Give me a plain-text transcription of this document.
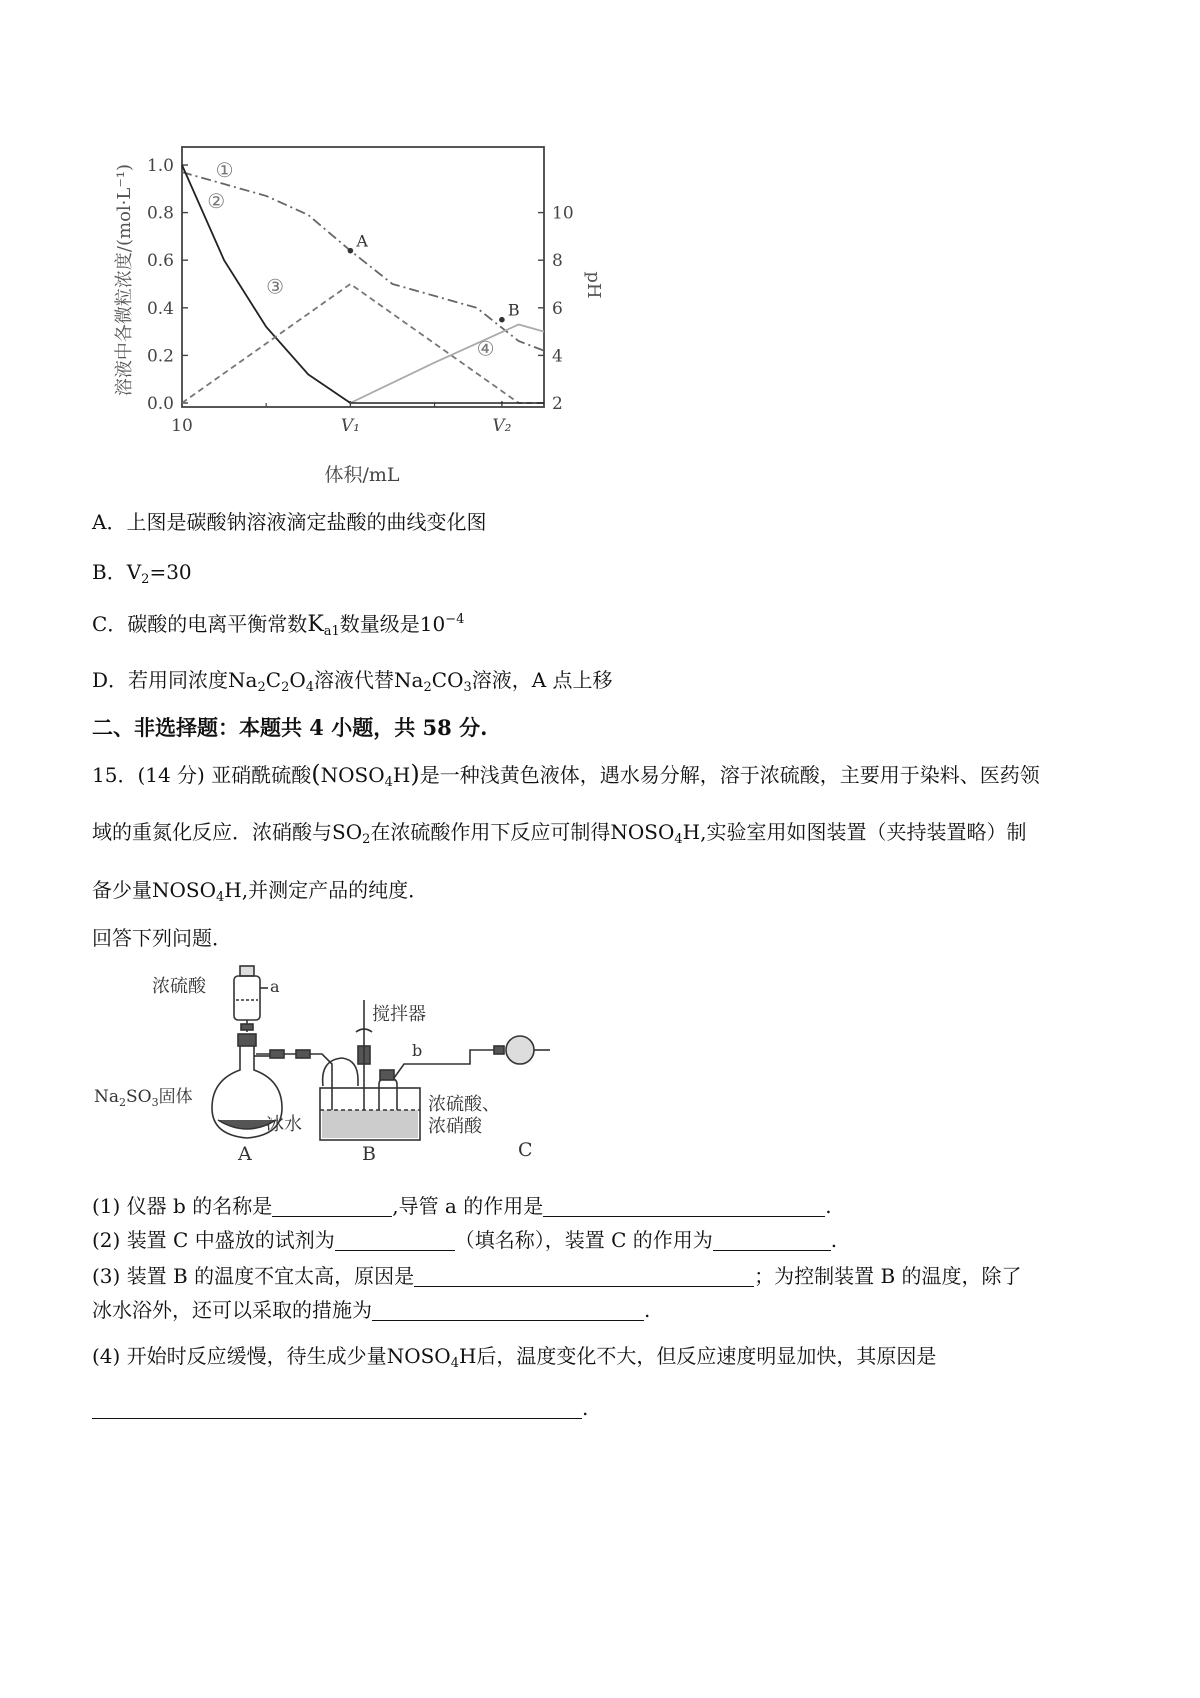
1.0
0.8
0.6
0.4
0.2
0.0
10
8
6
4
2
10	V₁	V₂
①
②
③
④
A
B
溶液中各微粒浓度/(mol·L⁻¹)	pH
体积/mL
A．上图是碳酸钠溶液滴定盐酸的曲线变化图
B．$V_2=30$
C．碳酸的电离平衡常数$K_{a1}$数量级是$10^{-4}$
D．若用同浓度$Na_2C_2O_4$溶液代替$Na_2CO_3$溶液，A 点上移
二、非选择题：本题共 4 小题，共 58 分.
15．(14 分) 亚硝酰硫酸$(NOSO_4H)$是一种浅黄色液体，遇水易分解，溶于浓硫酸，主要用于染料、医药领
域的重氮化反应．浓硝酸与$SO_2$在浓硫酸作用下反应可制得$NOSO_4H$,实验室用如图装置（夹持装置略）制
备少量$NOSO_4H$,并测定产品的纯度．
回答下列问题．
浓硫酸	a
搅拌器
b
$Na_2SO_3$固体
冰水
浓硫酸、
浓硝酸
A	B	C
(1) 仪器 b 的名称是	,导管 a 的作用是	.
(2) 装置 C 中盛放的试剂为	（填名称），装置 C 的作用为	.
(3) 装置 B 的温度不宜太高，原因是	；为控制装置 B 的温度，除了
冰水浴外，还可以采取的措施为	.
(4) 开始时反应缓慢，待生成少量$NOSO_4H$后，温度变化不大，但反应速度明显加快，其原因是
.
